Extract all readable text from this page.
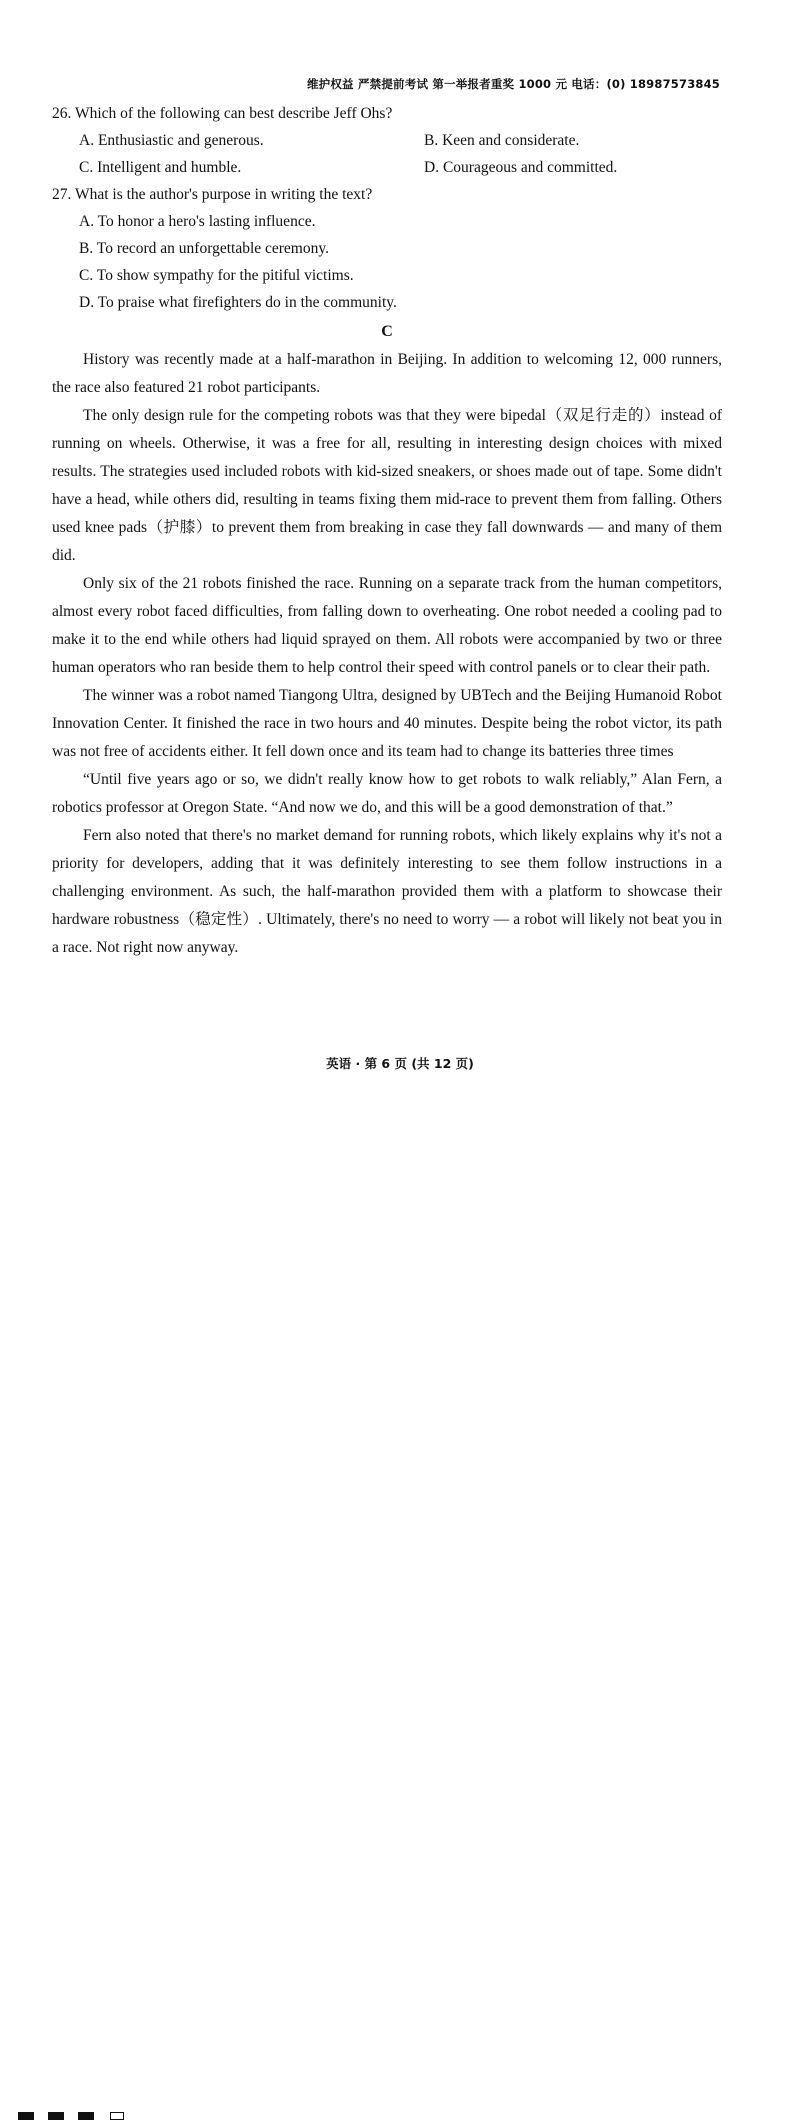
维护权益 严禁提前考试 第一举报者重奖 1000 元 电话：(0) 18987573845

26. Which of the following can best describe Jeff Ohs?

A. Enthusiastic and generous.	B. Keen and considerate.

C. Intelligent and humble.	D. Courageous and committed.

27. What is the author's purpose in writing the text?

A. To honor a hero's lasting influence.

B. To record an unforgettable ceremony.

C. To show sympathy for the pitiful victims.

D. To praise what firefighters do in the community.

C

History was recently made at a half-marathon in Beijing. In addition to welcoming 12, 000 runners, the race also featured 21 robot participants.

The only design rule for the competing robots was that they were bipedal（双足行走的）instead of running on wheels. Otherwise, it was a free for all, resulting in interesting design choices with mixed results. The strategies used included robots with kid-sized sneakers, or shoes made out of tape. Some didn't have a head, while others did, resulting in teams fixing them mid-race to prevent them from falling. Others used knee pads（护膝）to prevent them from breaking in case they fall downwards — and many of them did.

Only six of the 21 robots finished the race. Running on a separate track from the human competitors, almost every robot faced difficulties, from falling down to overheating. One robot needed a cooling pad to make it to the end while others had liquid sprayed on them. All robots were accompanied by two or three human operators who ran beside them to help control their speed with control panels or to clear their path.

The winner was a robot named Tiangong Ultra, designed by UBTech and the Beijing Humanoid Robot Innovation Center. It finished the race in two hours and 40 minutes. Despite being the robot victor, its path was not free of accidents either. It fell down once and its team had to change its batteries three times

“Until five years ago or so, we didn't really know how to get robots to walk reliably,” Alan Fern, a robotics professor at Oregon State. “And now we do, and this will be a good demonstration of that.”

Fern also noted that there's no market demand for running robots, which likely explains why it's not a priority for developers, adding that it was definitely interesting to see them follow instructions in a challenging environment. As such, the half-marathon provided them with a platform to showcase their hardware robustness（稳定性）. Ultimately, there's no need to worry — a robot will likely not beat you in a race. Not right now anyway.

英语 · 第 6 页 (共 12 页)
